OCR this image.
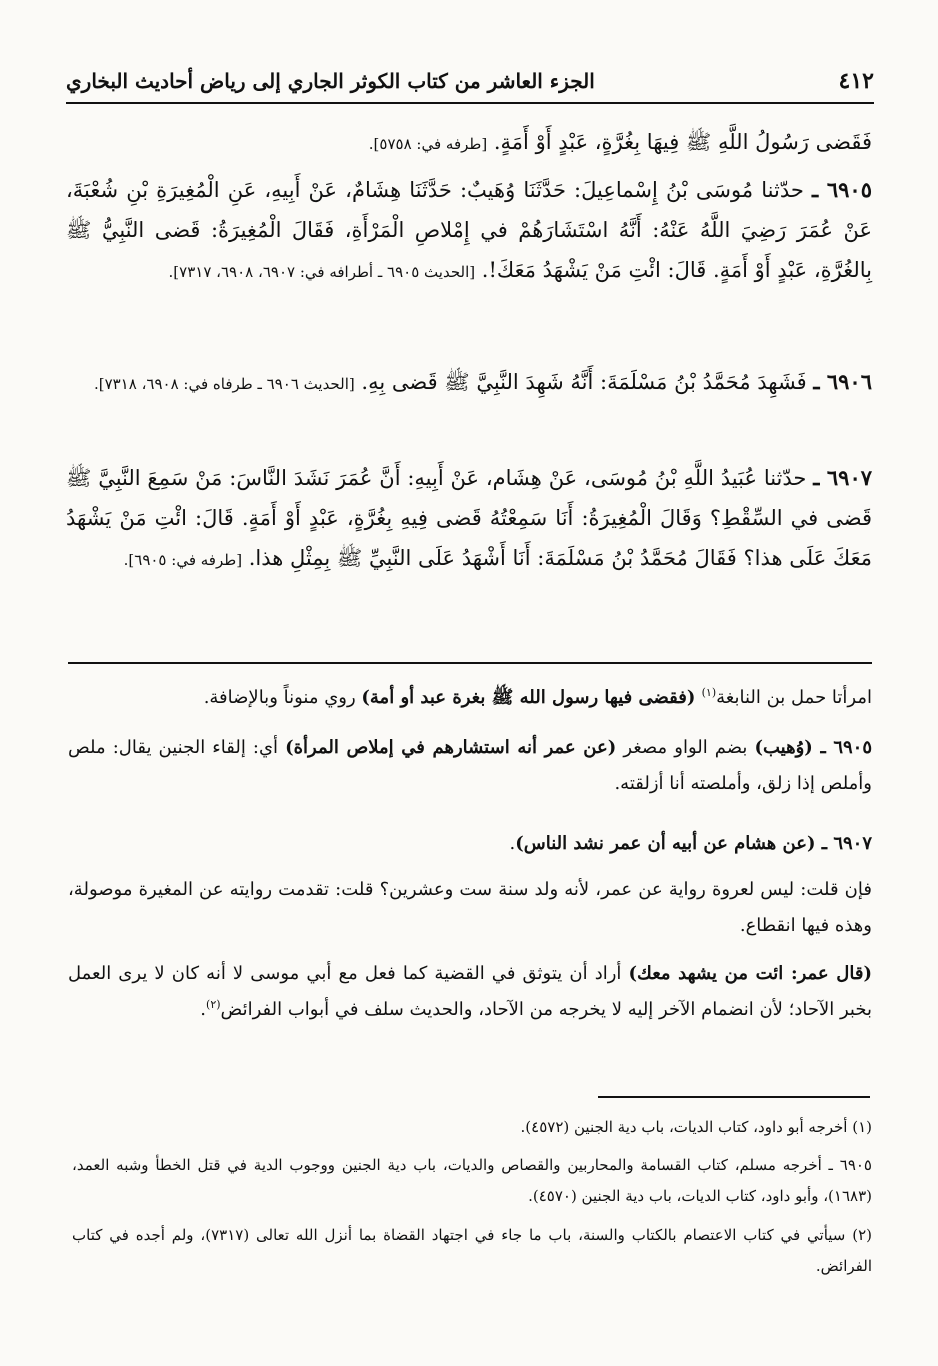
٤١٢
الجزء العاشر من كتاب الكوثر الجاري إلى رياض أحاديث البخاري
فَقَضى رَسُولُ اللَّهِ ﷺ فِيهَا بِغُرَّةٍ، عَبْدٍ أَوْ أَمَةٍ. [طرفه في: ٥٧٥٨].
٦٩٠٥ ـ حدّثنا مُوسَى بْنُ إِسْماعِيلَ: حَدَّثَنَا وُهَيبٌ: حَدَّثَنَا هِشَامٌ، عَنْ أَبِيهِ، عَنِ الْمُغِيرَةِ بْنِ شُعْبَةَ، عَنْ عُمَرَ رَضِيَ اللَّهُ عَنْهُ: أَنَّهُ اسْتَشَارَهُمْ في إِمْلاصِ الْمَرْأَةِ، فَقَالَ الْمُغِيرَةُ: قَضى النَّبِيُّ ﷺ بِالغُرَّةِ، عَبْدٍ أَوْ أَمَةٍ. قَالَ: ائْتِ مَنْ يَشْهَدُ مَعَكَ!. [الحديث ٦٩٠٥ ـ أطرافه في: ٦٩٠٧، ٦٩٠٨، ٧٣١٧].
٦٩٠٦ ـ فَشَهِدَ مُحَمَّدُ بْنُ مَسْلَمَةَ: أَنَّهُ شَهِدَ النَّبِيَّ ﷺ قَضى بِهِ. [الحديث ٦٩٠٦ ـ طرفاه في: ٦٩٠٨، ٧٣١٨].
٦٩٠٧ ـ حدّثنا عُبَيدُ اللَّهِ بْنُ مُوسَى، عَنْ هِشَام، عَنْ أَبِيهِ: أَنَّ عُمَرَ نَشَدَ النَّاسَ: مَنْ سَمِعَ النَّبِيَّ ﷺ قَضى في السِّقْطِ؟ وَقَالَ الْمُغِيرَةُ: أَنَا سَمِعْتُهُ قَضى فِيهِ بِغُرَّةٍ، عَبْدٍ أَوْ أَمَةٍ. قَالَ: ائْتِ مَنْ يَشْهَدُ مَعَكَ عَلَى هذا؟ فَقَالَ مُحَمَّدُ بْنُ مَسْلَمَةَ: أَنَا أَشْهَدُ عَلَى النَّبِيِّ ﷺ بِمِثْلِ هذا. [طرفه في: ٦٩٠٥].
امرأتا حمل بن النابغة$^{(١)}$ (فقضى فيها رسول الله ﷺ بغرة عبد أو أمة) روي منوناً وبالإضافة.
٦٩٠٥ ـ (وُهيب) بضم الواو مصغر (عن عمر أنه استشارهم في إملاص المرأة) أي: إلقاء الجنين يقال: ملص وأملص إذا زلق، وأملصته أنا أزلقته.
٦٩٠٧ ـ (عن هشام عن أبيه أن عمر نشد الناس).
فإن قلت: ليس لعروة رواية عن عمر، لأنه ولد سنة ست وعشرين؟ قلت: تقدمت روايته عن المغيرة موصولة، وهذه فيها انقطاع.
(قال عمر: ائت من يشهد معك) أراد أن يتوثق في القضية كما فعل مع أبي موسى لا أنه كان لا يرى العمل بخبر الآحاد؛ لأن انضمام الآخر إليه لا يخرجه من الآحاد، والحديث سلف في أبواب الفرائض$^{(٢)}$.
(١) أخرجه أبو داود، كتاب الديات، باب دية الجنين (٤٥٧٢).
٦٩٠٥ ـ أخرجه مسلم، كتاب القسامة والمحاربين والقصاص والديات، باب دية الجنين ووجوب الدية في قتل الخطأ وشبه العمد، (١٦٨٣)، وأبو داود، كتاب الديات، باب دية الجنين (٤٥٧٠).
(٢) سيأتي في كتاب الاعتصام بالكتاب والسنة، باب ما جاء في اجتهاد القضاة بما أنزل الله تعالى (٧٣١٧)، ولم أجده في كتاب الفرائض.
